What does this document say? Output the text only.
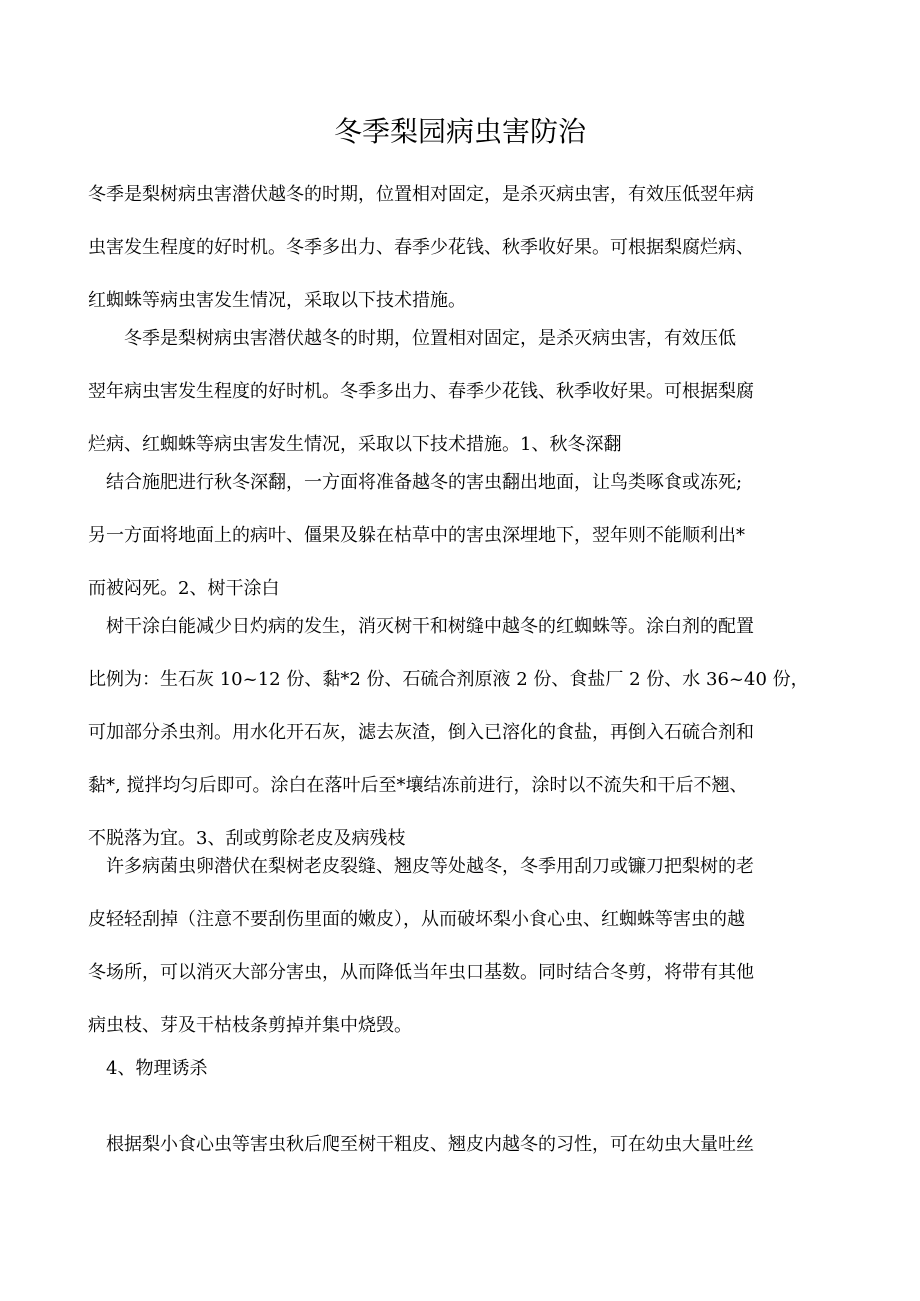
冬季梨园病虫害防治
冬季是梨树病虫害潜伏越冬的时期，位置相对固定，是杀灭病虫害，有效压低翌年病
虫害发生程度的好时机。冬季多出力、春季少花钱、秋季收好果。可根据梨腐烂病、
红蜘蛛等病虫害发生情况，采取以下技术措施。
　　冬季是梨树病虫害潜伏越冬的时期，位置相对固定，是杀灭病虫害，有效压低
翌年病虫害发生程度的好时机。冬季多出力、春季少花钱、秋季收好果。可根据梨腐
烂病、红蜘蛛等病虫害发生情况，采取以下技术措施。1、秋冬深翻
　结合施肥进行秋冬深翻，一方面将准备越冬的害虫翻出地面，让鸟类啄食或冻死;
另一方面将地面上的病叶、僵果及躲在枯草中的害虫深埋地下，翌年则不能顺利出*
而被闷死。2、树干涂白
　树干涂白能减少日灼病的发生，消灭树干和树缝中越冬的红蜘蛛等。涂白剂的配置
比例为：生石灰 10~12 份、黏*2 份、石硫合剂原液 2 份、食盐厂 2 份、水 36~40 份，
可加部分杀虫剂。用水化开石灰，滤去灰渣，倒入已溶化的食盐，再倒入石硫合剂和
黏*, 搅拌均匀后即可。涂白在落叶后至*壤结冻前进行，涂时以不流失和干后不翘、
不脱落为宜。3、刮或剪除老皮及病残枝
　许多病菌虫卵潜伏在梨树老皮裂缝、翘皮等处越冬，冬季用刮刀或镰刀把梨树的老
皮轻轻刮掉（注意不要刮伤里面的嫩皮），从而破坏梨小食心虫、红蜘蛛等害虫的越
冬场所，可以消灭大部分害虫，从而降低当年虫口基数。同时结合冬剪，将带有其他
病虫枝、芽及干枯枝条剪掉并集中烧毁。
　4、物理诱杀
　根据梨小食心虫等害虫秋后爬至树干粗皮、翘皮内越冬的习性，可在幼虫大量吐丝
